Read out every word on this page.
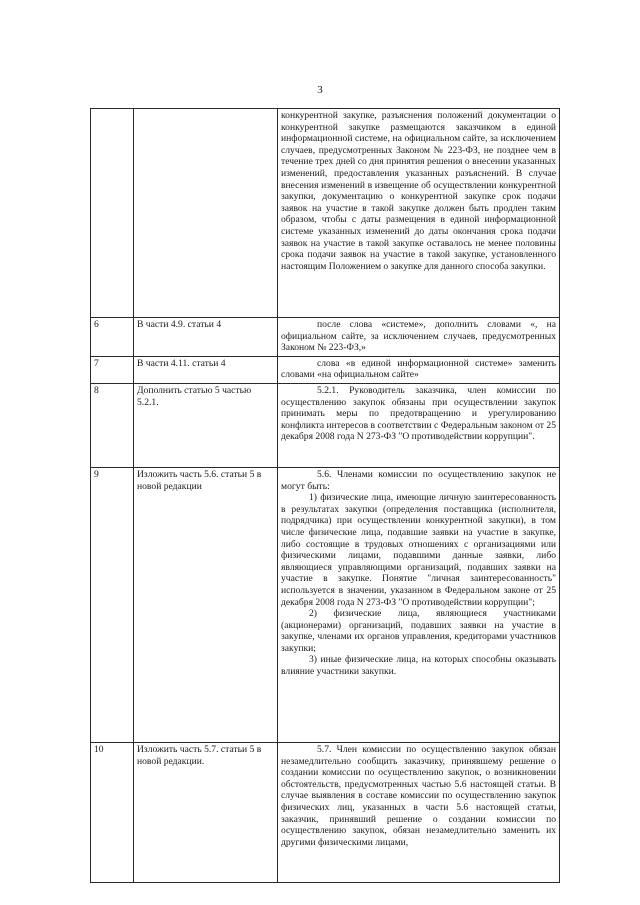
3

		конкурентной закупке, разъяснения положений документации о конкурентной закупке размещаются заказчиком в единой информационной системе, на официальном сайте, за исключением случаев, предусмотренных Законом № 223-ФЗ, не позднее чем в течение трех дней со дня принятия решения о внесении указанных изменений, предоставления указанных разъяснений. В случае внесения изменений в извещение об осуществлении конкурентной закупки, документацию о конкурентной закупке срок подачи заявок на участие в такой закупке должен быть продлен таким образом, чтобы с даты размещения в единой информационной системе указанных изменений до даты окончания срока подачи заявок на участие в такой закупке оставалось не менее половины срока подачи заявок на участие в такой закупке, установленного настоящим Положением о закупке для данного способа закупки.

6	В части 4.9. статьи 4	после слова «системе», дополнить словами «, на официальном сайте, за исключением случаев, предусмотренных Законом № 223-ФЗ,»

7	В части 4.11. статьи 4	слова «в единой информационной системе» заменить словами «на официальном сайте»

8	Дополнить статью 5 частью 5.2.1.	5.2.1. Руководитель заказчика, член комиссии по осуществлению закупок обязаны при осуществлении закупок принимать меры по предотвращению и урегулированию конфликта интересов в соответствии с Федеральным законом от 25 декабря 2008 года N 273-ФЗ "О противодействии коррупции".

9	Изложить часть 5.6. статьи 5 в новой редакции	5.6. Членами комиссии по осуществлению закупок не могут быть:

1) физические лица, имеющие личную заинтересованность в результатах закупки (определения поставщика (исполнителя, подрядчика) при осуществлении конкурентной закупки), в том числе физические лица, подавшие заявки на участие в закупке, либо состоящие в трудовых отношениях с организациями или физическими лицами, подавшими данные заявки, либо являющиеся управляющими организаций, подавших заявки на участие в закупке. Понятие "личная заинтересованность" используется в значении, указанном в Федеральном законе от 25 декабря 2008 года N 273-ФЗ "О противодействии коррупции";

2) физические лица, являющиеся участниками (акционерами) организаций, подавших заявки на участие в закупке, членами их органов управления, кредиторами участников закупки;

3) иные физические лица, на которых способны оказывать влияние участники закупки.

10	Изложить часть 5.7. статьи 5 в новой редакции.	5.7. Член комиссии по осуществлению закупок обязан незамедлительно сообщить заказчику, принявшему решение о создании комиссии по осуществлению закупок, о возникновении обстоятельств, предусмотренных частью 5.6 настоящей статьи. В случае выявления в составе комиссии по осуществлению закупок физических лиц, указанных в части 5.6 настоящей статьи, заказчик, принявший решение о создании комиссии по осуществлению закупок, обязан незамедлительно заменить их другими физическими лицами,
